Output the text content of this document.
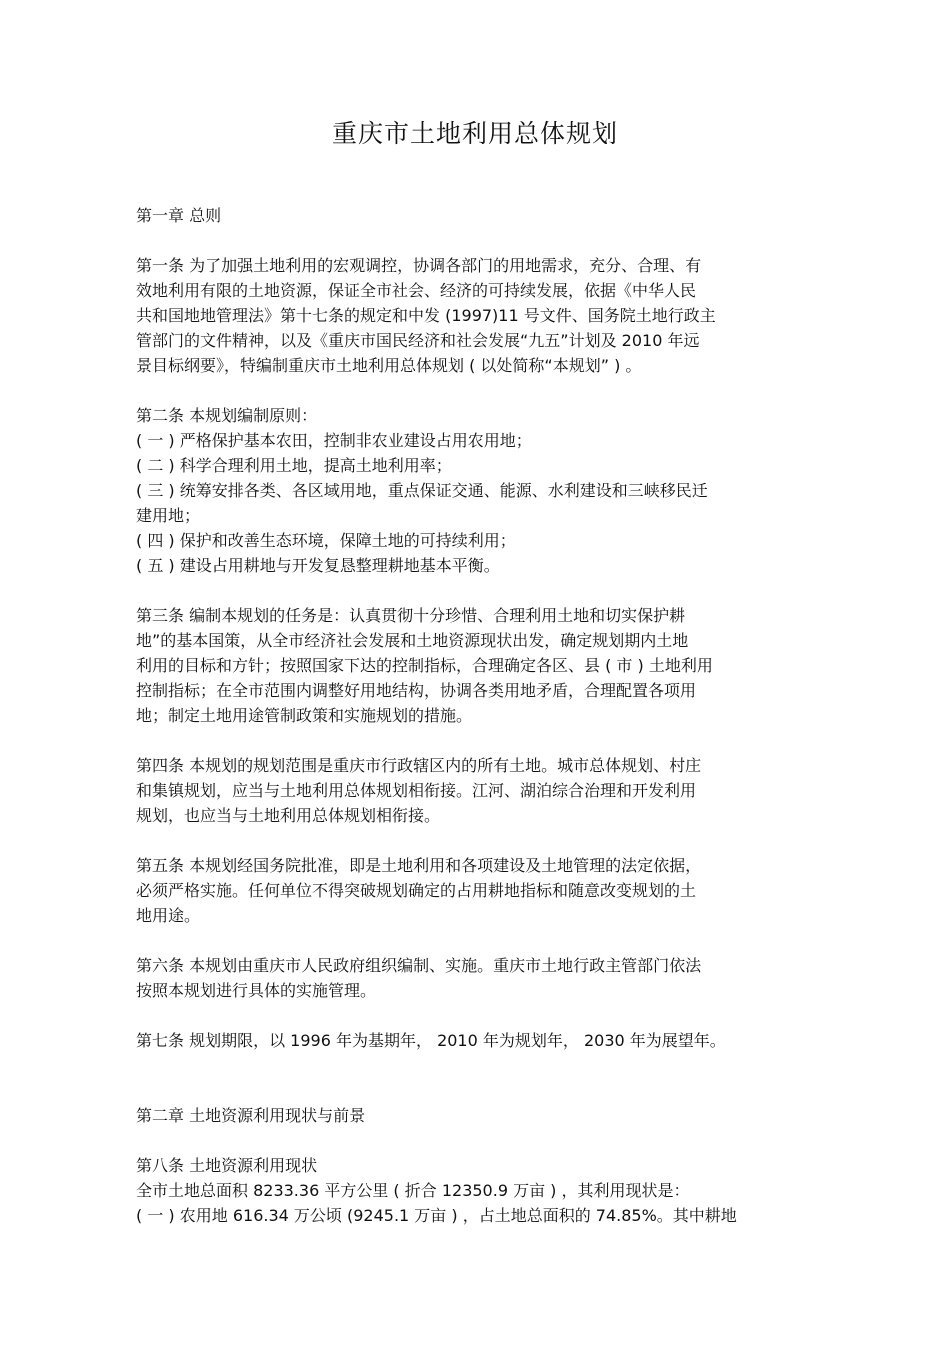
重庆市土地利用总体规划
第一章 总则
第一条 为了加强土地利用的宏观调控，协调各部门的用地需求，充分、合理、有
效地利用有限的土地资源，保证全市社会、经济的可持续发展，依据《中华人民
共和国地地管理法》第十七条的规定和中发 (1997)11 号文件、国务院土地行政主
管部门的文件精神，以及《重庆市国民经济和社会发展“九五”计划及 2010 年远
景目标纲要》，特编制重庆市土地利用总体规划 ( 以处简称“本规划” ) 。
第二条 本规划编制原则：
( 一 ) 严格保护基本农田，控制非农业建设占用农用地；
( 二 ) 科学合理利用土地，提高土地利用率；
( 三 ) 统筹安排各类、各区域用地，重点保证交通、能源、水利建设和三峡移民迁
建用地；
( 四 ) 保护和改善生态环境，保障土地的可持续利用；
( 五 ) 建设占用耕地与开发复恳整理耕地基本平衡。
第三条 编制本规划的任务是：认真贯彻十分珍惜、合理利用土地和切实保护耕
地”的基本国策，从全市经济社会发展和土地资源现状出发，确定规划期内土地
利用的目标和方针；按照国家下达的控制指标，合理确定各区、县 ( 市 ) 土地利用
控制指标；在全市范围内调整好用地结构，协调各类用地矛盾，合理配置各项用
地；制定土地用途管制政策和实施规划的措施。
第四条 本规划的规划范围是重庆市行政辖区内的所有土地。城市总体规划、村庄
和集镇规划，应当与土地利用总体规划相衔接。江河、湖泊综合治理和开发利用
规划，也应当与土地利用总体规划相衔接。
第五条 本规划经国务院批准，即是土地利用和各项建设及土地管理的法定依据，
必须严格实施。任何单位不得突破规划确定的占用耕地指标和随意改变规划的土
地用途。
第六条 本规划由重庆市人民政府组织编制、实施。重庆市土地行政主管部门依法
按照本规划进行具体的实施管理。
第七条 规划期限，以 1996 年为基期年， 2010 年为规划年， 2030 年为展望年。
第二章 土地资源利用现状与前景
第八条 土地资源利用现状
全市土地总面积 8233.36 平方公里 ( 折合 12350.9 万亩 ) ，其利用现状是：
( 一 ) 农用地 616.34 万公顷 (9245.1 万亩 ) ，占土地总面积的 74.85%。其中耕地
